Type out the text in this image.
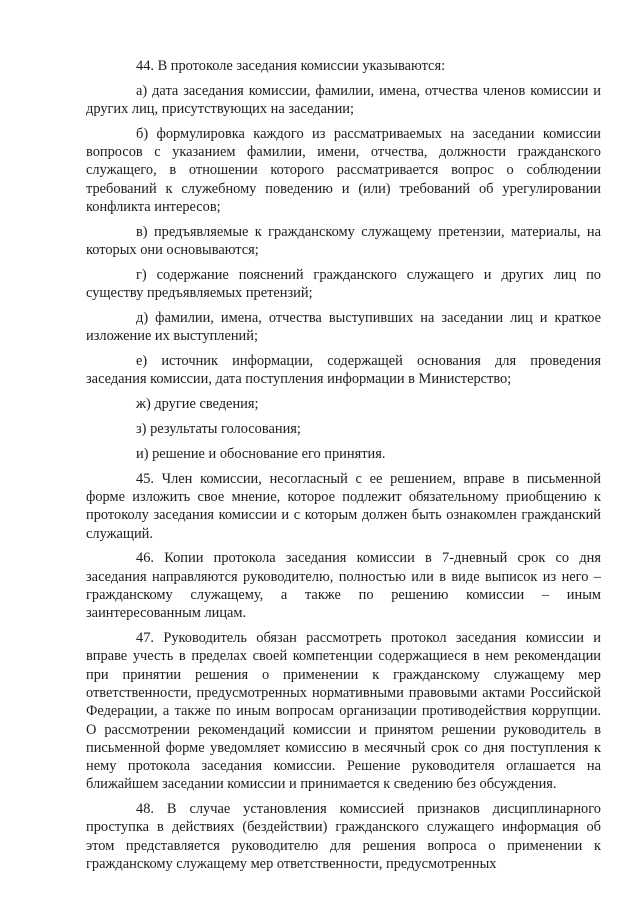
44. В протоколе заседания комиссии указываются:

а) дата заседания комиссии, фамилии, имена, отчества членов комиссии и других лиц, присутствующих на заседании;

б) формулировка каждого из рассматриваемых на заседании комиссии вопросов с указанием фамилии, имени, отчества, должности гражданского служащего, в отношении которого рассматривается вопрос о соблюдении требований к служебному поведению и (или) требований об урегулировании конфликта интересов;

в) предъявляемые к гражданскому служащему претензии, материалы, на которых они основываются;

г) содержание пояснений гражданского служащего и других лиц по существу предъявляемых претензий;

д) фамилии, имена, отчества выступивших на заседании лиц и краткое изложение их выступлений;

е) источник информации, содержащей основания для проведения заседания комиссии, дата поступления информации в Министерство;

ж) другие сведения;

з) результаты голосования;

и) решение и обоснование его принятия.

45. Член комиссии, несогласный с ее решением, вправе в письменной форме изложить свое мнение, которое подлежит обязательному приобщению к протоколу заседания комиссии и с которым должен быть ознакомлен гражданский служащий.

46. Копии протокола заседания комиссии в 7-дневный срок со дня заседания направляются руководителю, полностью или в виде выписок из него – гражданскому служащему, а также по решению комиссии – иным заинтересованным лицам.

47. Руководитель обязан рассмотреть протокол заседания комиссии и вправе учесть в пределах своей компетенции содержащиеся в нем рекомендации при принятии решения о применении к гражданскому служащему мер ответственности, предусмотренных нормативными правовыми актами Российской Федерации, а также по иным вопросам организации противодействия коррупции. О рассмотрении рекомендаций комиссии и принятом решении руководитель в письменной форме уведомляет комиссию в месячный срок со дня поступления к нему протокола заседания комиссии. Решение руководителя оглашается на ближайшем заседании комиссии и принимается к сведению без обсуждения.

48. В случае установления комиссией признаков дисциплинарного проступка в действиях (бездействии) гражданского служащего информация об этом представляется руководителю для решения вопроса о применении к гражданскому служащему мер ответственности, предусмотренных
